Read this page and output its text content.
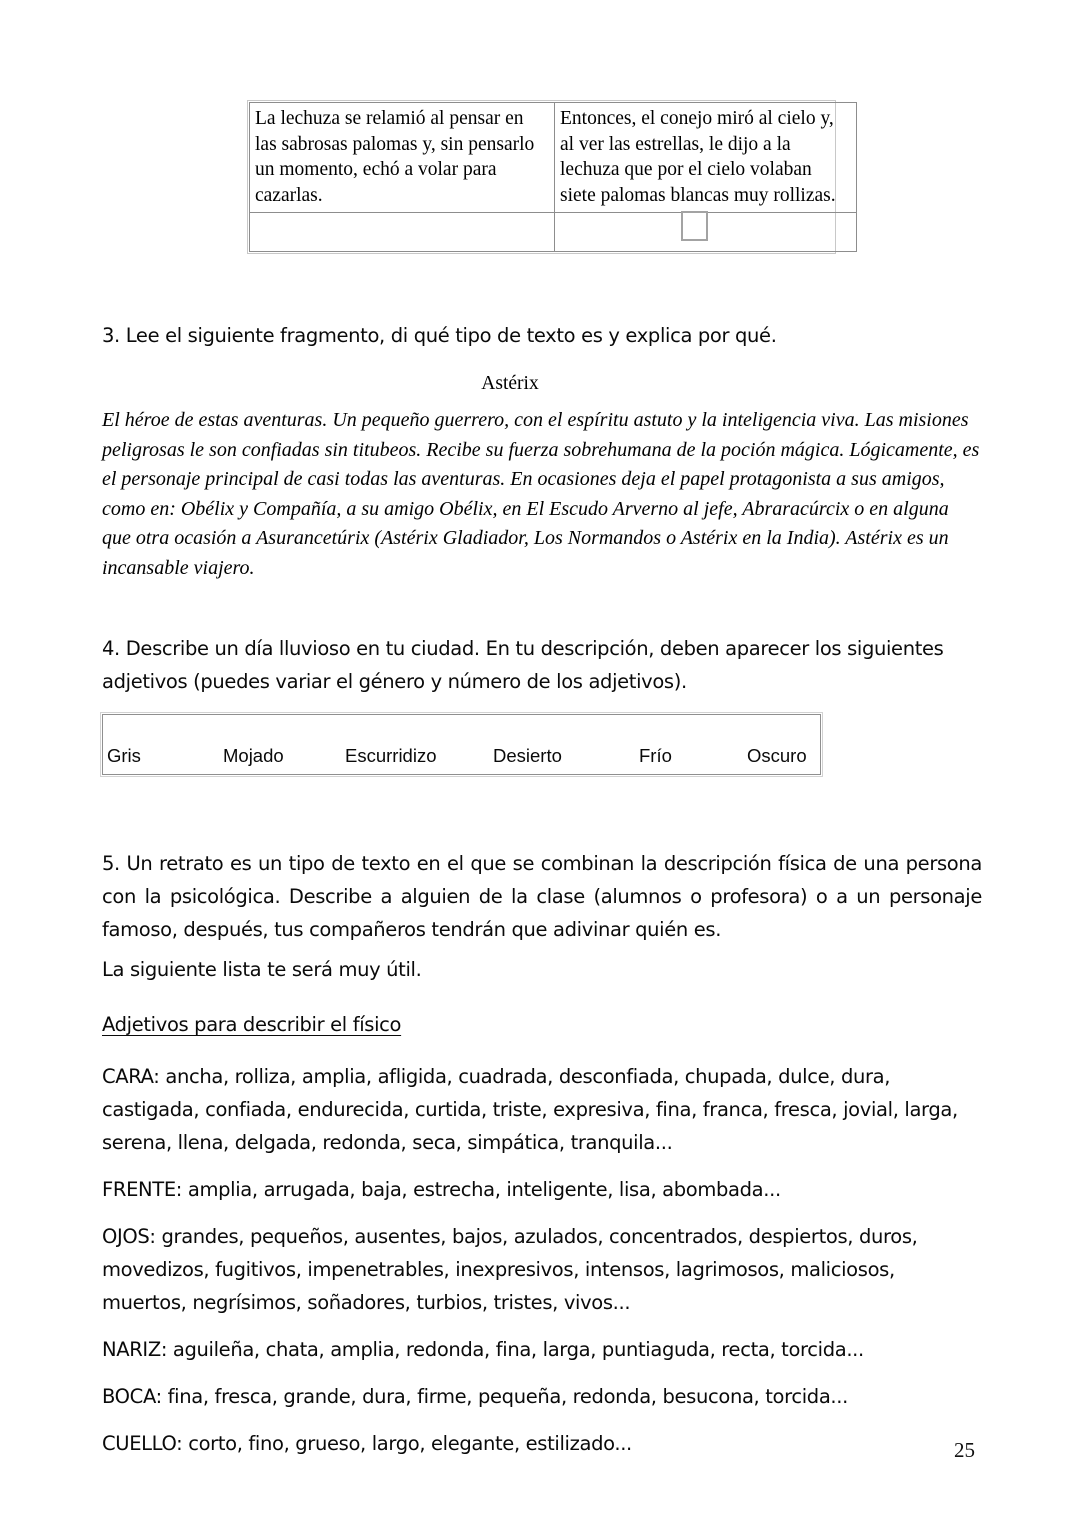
La lechuza se relamió al pensar en las sabrosas palomas y, sin pensarlo un momento, echó a volar para cazarlas.	Entonces, el conejo miró al cielo y, al ver las estrellas, le dijo a la lechuza que por el cielo volaban siete palomas blancas muy rollizas.

3. Lee el siguiente fragmento, di qué tipo de texto es y explica por qué.
Astérix
El héroe de estas aventuras. Un pequeño guerrero, con el espíritu astuto y la inteligencia viva. Las misiones peligrosas le son confiadas sin titubeos. Recibe su fuerza sobrehumana de la poción mágica. Lógicamente, es el personaje principal de casi todas las aventuras. En ocasiones deja el papel protagonista a sus amigos, como en: Obélix y Compañía, a su amigo Obélix, en El Escudo Arverno al jefe, Abraracúrcix o en alguna que otra ocasión a Asurancetúrix (Astérix Gladiador, Los Normandos o Astérix en la India). Astérix es un incansable viajero.
4. Describe un día lluvioso en tu ciudad. En tu descripción, deben aparecer los siguientes adjetivos (puedes variar el género y número de los adjetivos).
Gris	Mojado	Escurridizo	Desierto	Frío	Oscuro
5. Un retrato es un tipo de texto en el que se combinan la descripción física de una persona con la psicológica. Describe a alguien de la clase (alumnos o profesora) o a un personaje famoso, después, tus compañeros tendrán que adivinar quién es.
La siguiente lista te será muy útil.
Adjetivos para describir el físico

CARA: ancha, rolliza, amplia, afligida, cuadrada, desconfiada, chupada, dulce, dura, castigada, confiada, endurecida, curtida, triste, expresiva, fina, franca, fresca, jovial, larga, serena, llena, delgada, redonda, seca, simpática, tranquila...

FRENTE: amplia, arrugada, baja, estrecha, inteligente, lisa, abombada...

OJOS: grandes, pequeños, ausentes, bajos, azulados, concentrados, despiertos, duros, movedizos, fugitivos, impenetrables, inexpresivos, intensos, lagrimosos, maliciosos, muertos, negrísimos, soñadores, turbios, tristes, vivos...

NARIZ: aguileña, chata, amplia, redonda, fina, larga, puntiaguda, recta, torcida...

BOCA: fina, fresca, grande, dura, firme, pequeña, redonda, besucona, torcida...

CUELLO: corto, fino, grueso, largo, elegante, estilizado...	25
